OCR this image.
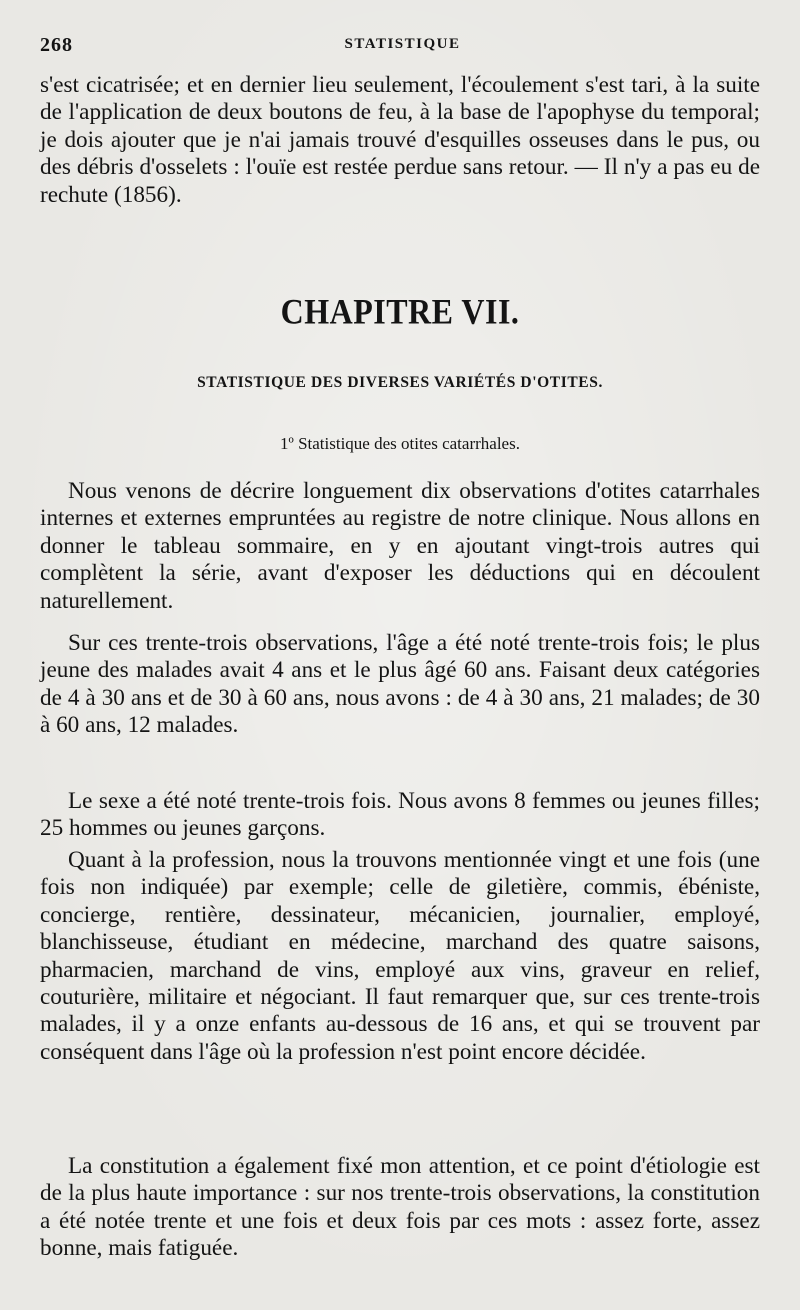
268	STATISTIQUE

s'est cicatrisée; et en dernier lieu seulement, l'écoulement s'est tari, à la suite de l'application de deux boutons de feu, à la base de l'apophyse du temporal; je dois ajouter que je n'ai jamais trouvé d'esquilles osseuses dans le pus, ou des débris d'osselets : l'ouïe est restée perdue sans retour. — Il n'y a pas eu de rechute (1856).

CHAPITRE VII.
STATISTIQUE DES DIVERSES VARIÉTÉS D'OTITES.
1º Statistique des otites catarrhales.

Nous venons de décrire longuement dix observations d'otites catarrhales internes et externes empruntées au registre de notre clinique. Nous allons en donner le tableau sommaire, en y en ajoutant vingt-trois autres qui complètent la série, avant d'exposer les déductions qui en découlent naturellement.

Sur ces trente-trois observations, l'âge a été noté trente-trois fois; le plus jeune des malades avait 4 ans et le plus âgé 60 ans. Faisant deux catégories de 4 à 30 ans et de 30 à 60 ans, nous avons : de 4 à 30 ans, 21 malades; de 30 à 60 ans, 12 malades.

Le sexe a été noté trente-trois fois. Nous avons 8 femmes ou jeunes filles; 25 hommes ou jeunes garçons.

Quant à la profession, nous la trouvons mentionnée vingt et une fois (une fois non indiquée) par exemple; celle de giletière, commis, ébéniste, concierge, rentière, dessinateur, mécanicien, journalier, employé, blanchisseuse, étudiant en médecine, marchand des quatre saisons, pharmacien, marchand de vins, employé aux vins, graveur en relief, couturière, militaire et négociant. Il faut remarquer que, sur ces trente-trois malades, il y a onze enfants au-dessous de 16 ans, et qui se trouvent par conséquent dans l'âge où la profession n'est point encore décidée.

La constitution a également fixé mon attention, et ce point d'étiologie est de la plus haute importance : sur nos trente-trois observations, la constitution a été notée trente et une fois et deux fois par ces mots : assez forte, assez bonne, mais fatiguée.
